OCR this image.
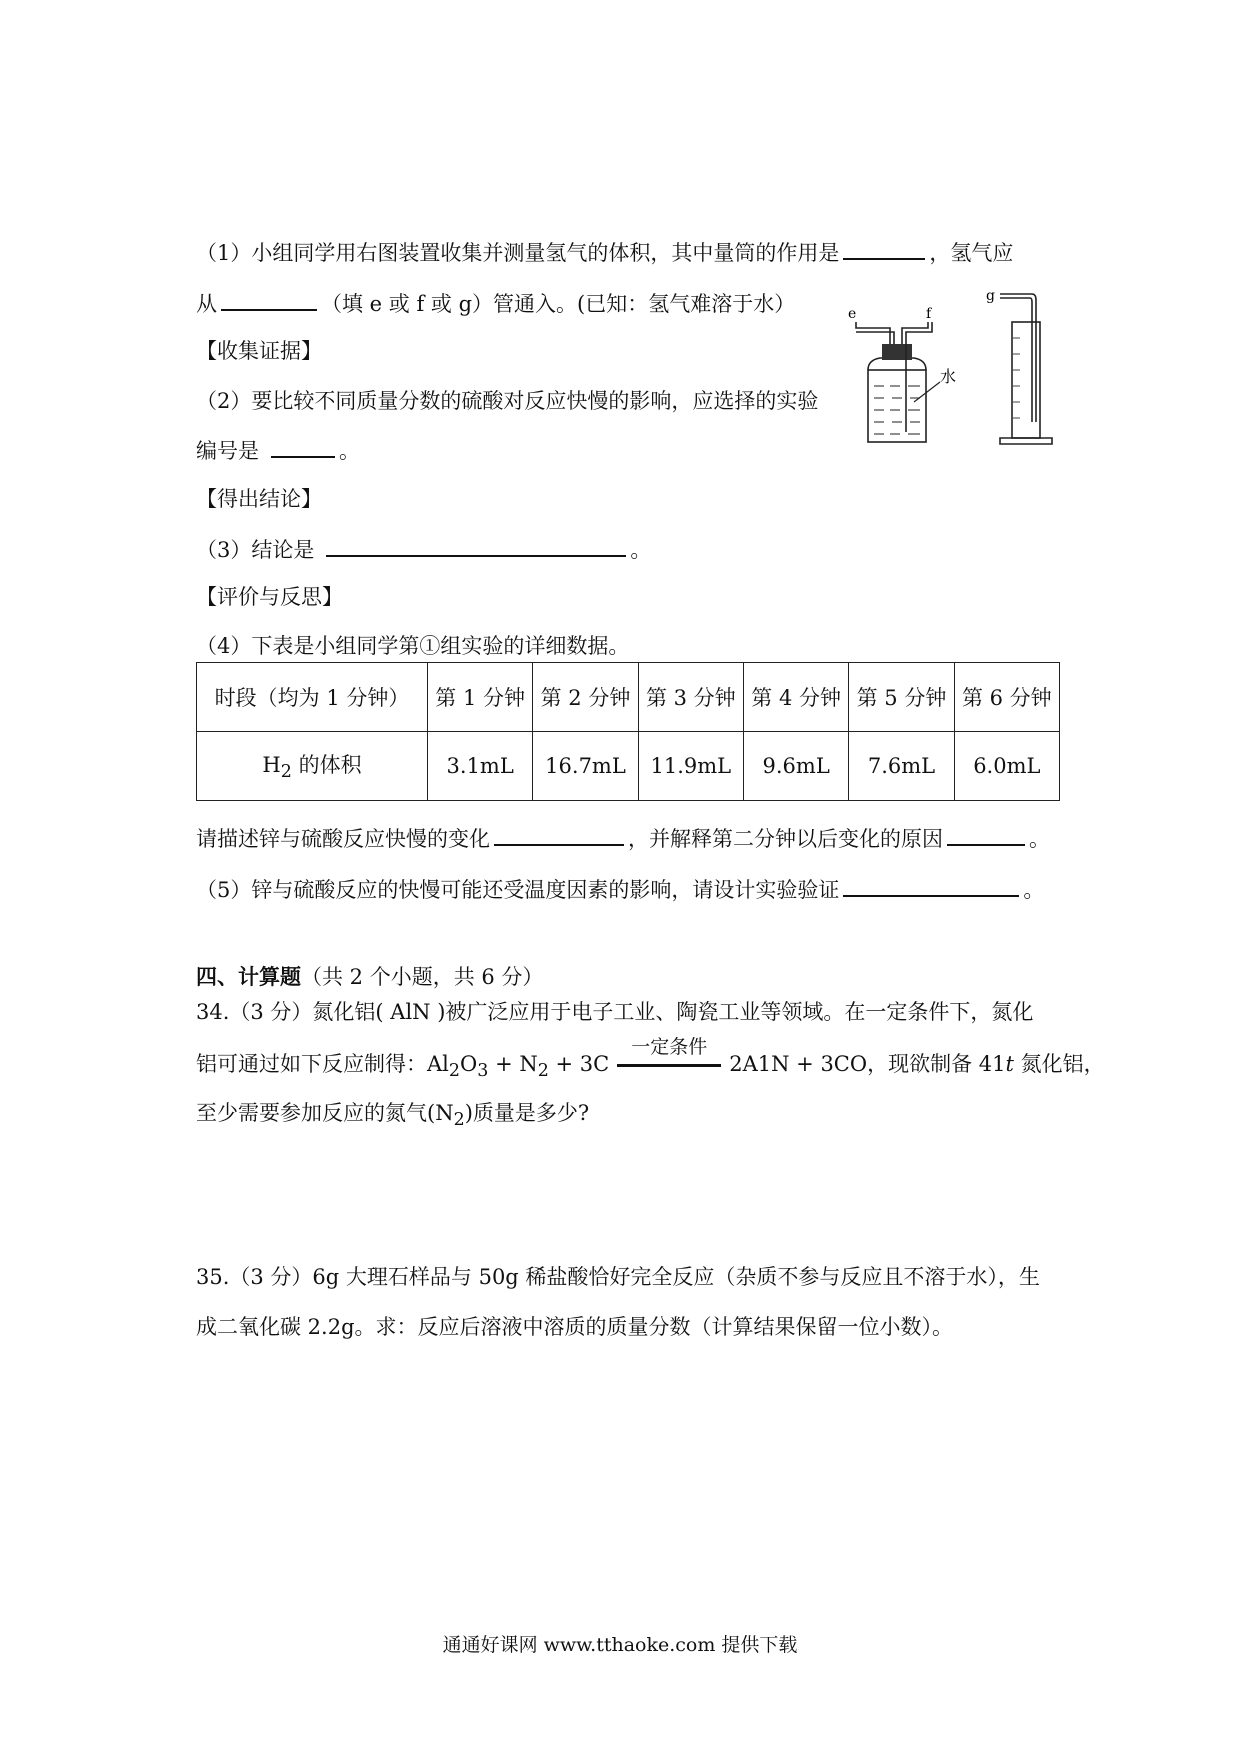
（1）小组同学用右图装置收集并测量氢气的体积，其中量筒的作用是	，氢气应
从	（填 e 或 f 或 g）管通入。(已知：氢气难溶于水）	e	f
水
g
【收集证据】
（2）要比较不同质量分数的硫酸对反应快慢的影响，应选择的实验
编号是	。
【得出结论】
（3）结论是	。
【评价与反思】
（4）下表是小组同学第①组实验的详细数据。
时段（均为 1 分钟）	第 1 分钟	第 2 分钟	第 3 分钟	第 4 分钟	第 5 分钟	第 6 分钟
$H_2$ 的体积	3.1mL	16.7mL	11.9mL	9.6mL	7.6mL	6.0mL
请描述锌与硫酸反应快慢的变化	，并解释第二分钟以后变化的原因	。
（5）锌与硫酸反应的快慢可能还受温度因素的影响，请设计实验验证	。
四、计算题（共 2 个小题，共 6 分）
34.（3 分）氮化铝( AlN )被广泛应用于电子工业、陶瓷工业等领域。在一定条件下，氮化
铝可通过如下反应制得：$Al_2O_3 + N_2 + 3C$
一定条件
2A1N + 3CO，现欲制备 41t 氮化铝，
至少需要参加反应的氮气$(N_2)$质量是多少?
35.（3 分）6g 大理石样品与 50g 稀盐酸恰好完全反应（杂质不参与反应且不溶于水），生
成二氧化碳 2.2g。求：反应后溶液中溶质的质量分数（计算结果保留一位小数）。
通通好课网 www.tthaoke.com 提供下载
